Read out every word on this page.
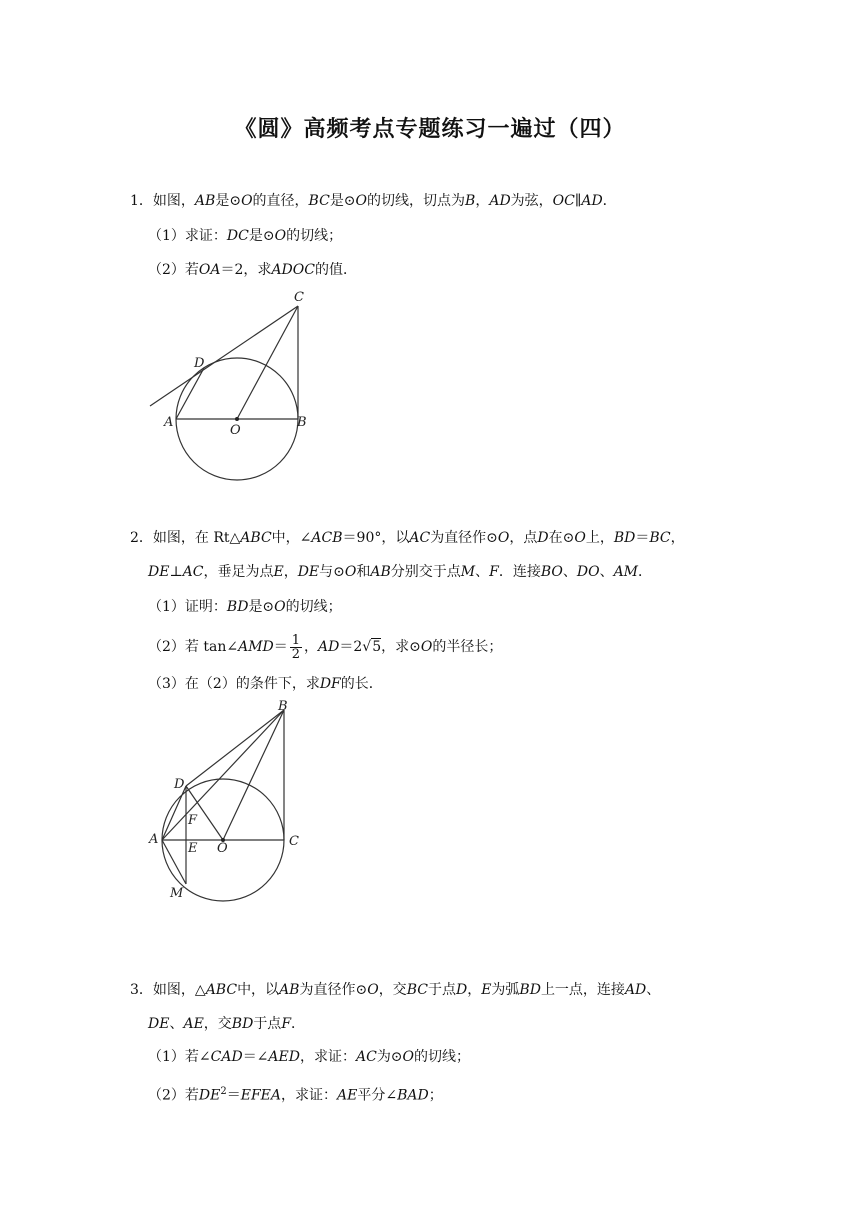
《圆》高频考点专题练习一遍过（四）
1．如图，AB是⊙O的直径，BC是⊙O的切线，切点为B，AD为弦，OC∥AD．
（1）求证：DC是⊙O的切线；
（2）若OA＝2，求ADOC的值．
C
D
A
O
B
2．如图，在 Rt△ABC中，∠ACB＝90°，以AC为直径作⊙O，点D在⊙O上，BD＝BC，
DE⊥AC，垂足为点E，DE与⊙O和AB分别交于点M、F．连接BO、DO、AM．
（1）证明：BD是⊙O的切线；
（2）若 tan∠AMD＝ $\frac{1}{2}$ ，AD＝2√5，求⊙O的半径长；
（3）在（2）的条件下，求DF的长．
B
D
F
A
E O	C
M
3．如图，△ABC中，以AB为直径作⊙O，交BC于点D，E为弧BD上一点，连接AD、
DE、AE，交BD于点F．
（1）若∠CAD＝∠AED，求证：AC为⊙O的切线；
（2）若$DE^2=EFEA$，求证：AE平分∠BAD；
